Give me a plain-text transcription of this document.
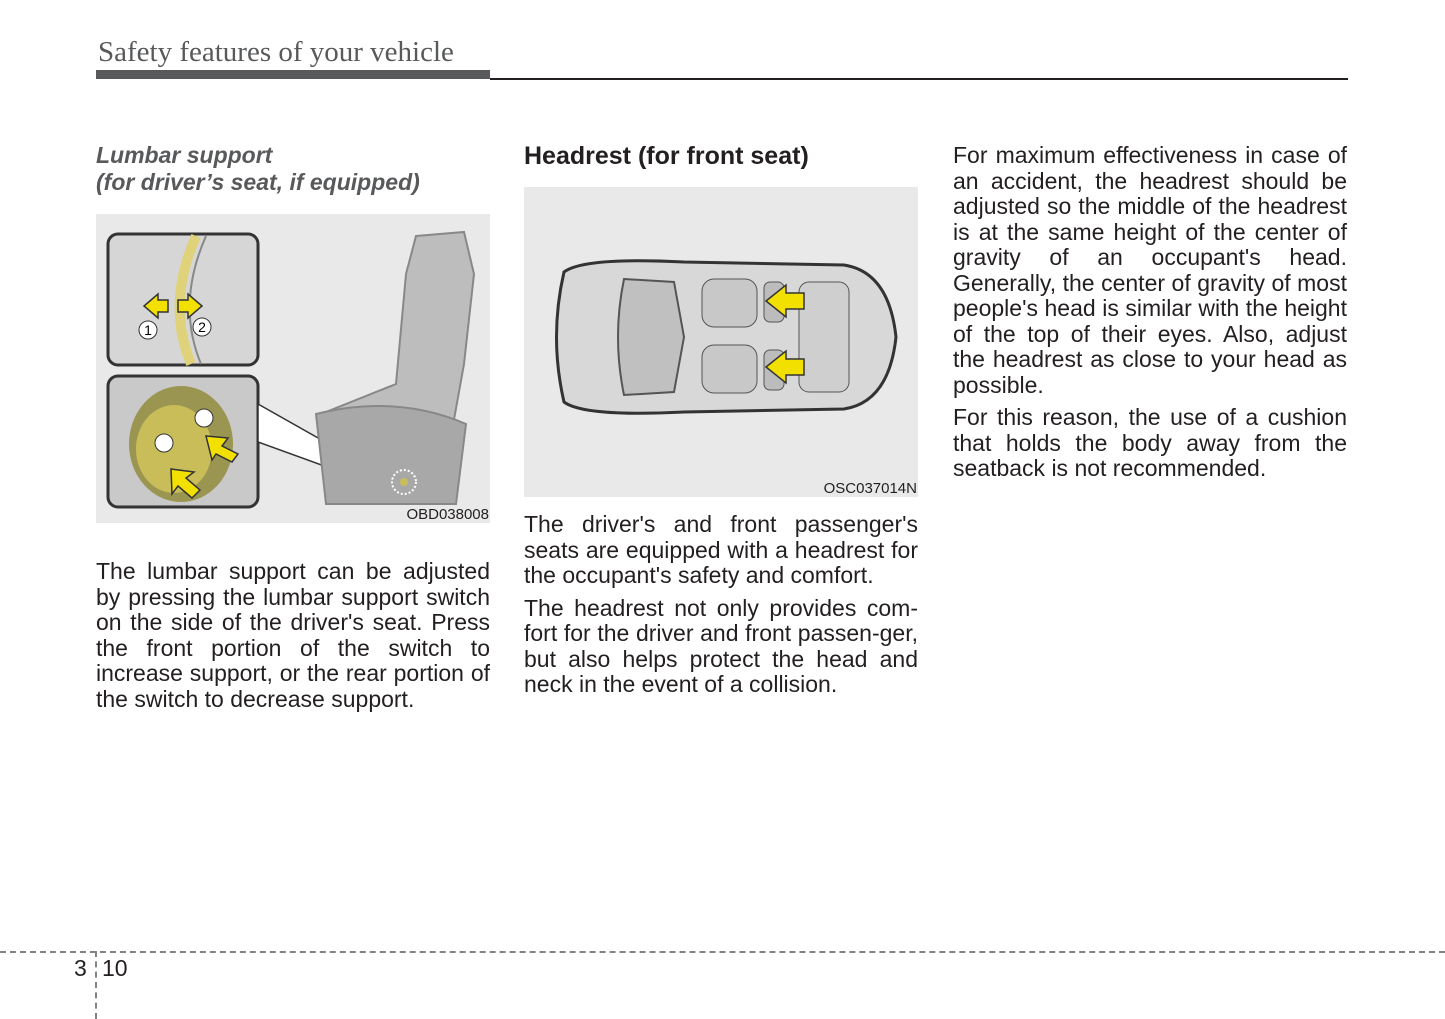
Safety features of your vehicle

Lumbar support

(for driver’s seat, if equipped)

1	2
OBD038008

The lumbar support can be adjusted by pressing the lumbar support switch on the side of the driver's seat. Press the front portion of the switch to increase support, or the rear portion of the switch to decrease support.

Headrest (for front seat)

OSC037014N

The driver's and front passenger's seats are equipped with a headrest for the occupant's safety and comfort.

The headrest not only provides com-fort for the driver and front passen-ger, but also helps protect the head and neck in the event of a collision.

For maximum effectiveness in case of an accident, the headrest should be adjusted so the middle of the headrest is at the same height of the center of gravity of an occupant's head. Generally, the center of gravity of most people's head is similar with the height of the top of their eyes. Also, adjust the headrest as close to your head as possible.

For this reason, the use of a cushion that holds the body away from the seatback is not recommended.

3 10
